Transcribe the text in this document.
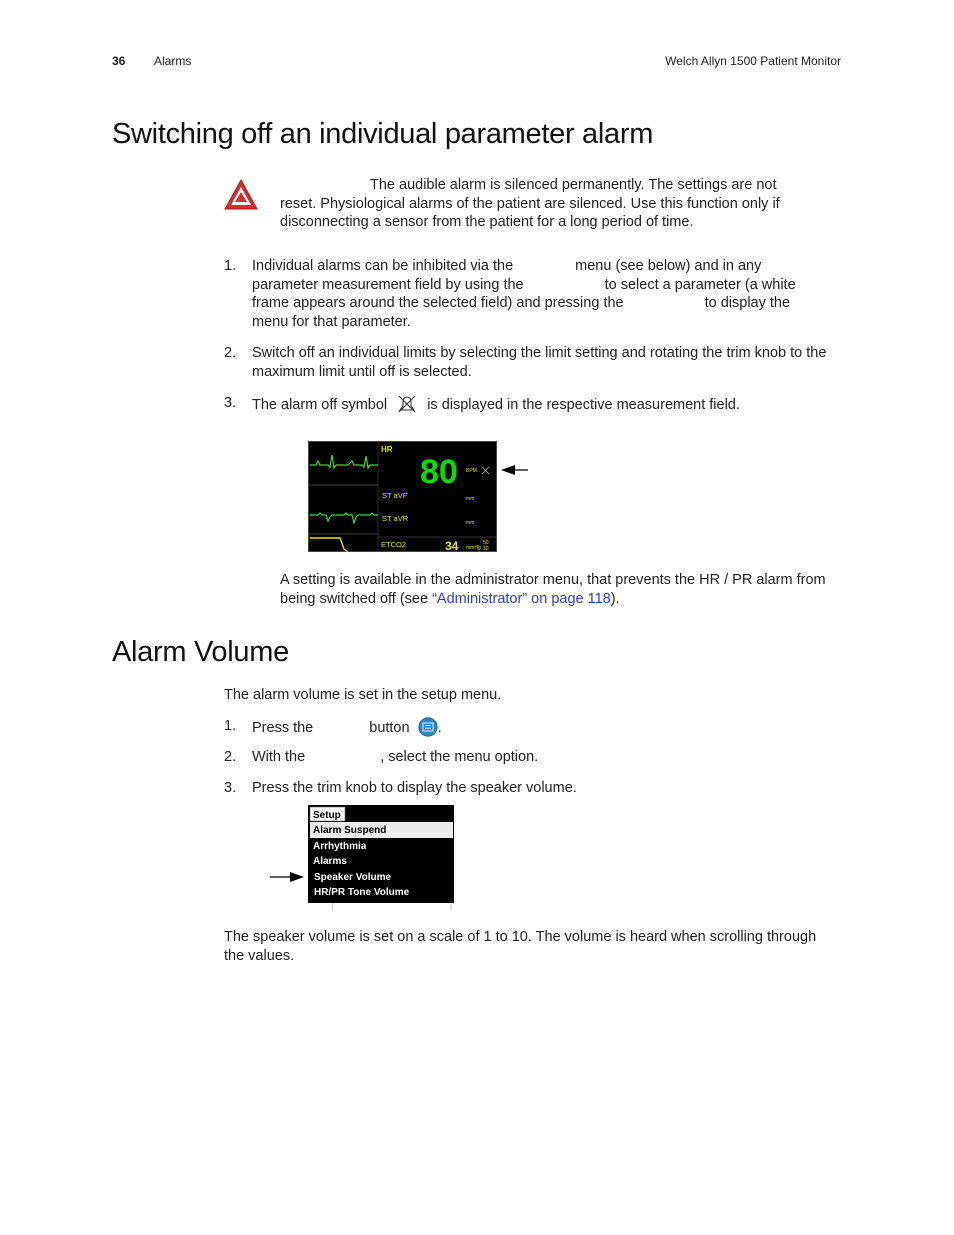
36 Alarms	Welch Allyn 1500 Patient Monitor
Switching off an individual parameter alarm
The audible alarm is silenced permanently. The settings are not
reset. Physiological alarms of the patient are silenced. Use this function only if disconnecting a sensor from the patient for a long period of time.
1. Individual alarms can be inhibited via the	menu (see below) and in any
parameter measurement field by using the	to select a parameter (a white
frame appears around the selected field) and pressing the	to display the
menu for that parameter.
2. Switch off an individual limits by selecting the limit setting and rotating the trim knob to the maximum limit until off is selected.
3. The alarm off symbol	is displayed in the respective measurement field.
HR
80 BPM
ST aVF	mm
ST aVR	mm
ETCO2	34 mmHg
50
30
A setting is available in the administrator menu, that prevents the HR / PR alarm from being switched off (see “Administrator” on page 118).
Alarm Volume
The alarm volume is set in the setup menu.
1. Press the	button .
2. With the	, select the menu option.
3. Press the trim knob to display the speaker volume.
Setup
Alarm Suspend
Arrhythmia
Alarms
Speaker Volume
HR/PR Tone Volume
The speaker volume is set on a scale of 1 to 10. The volume is heard when scrolling through the values.
